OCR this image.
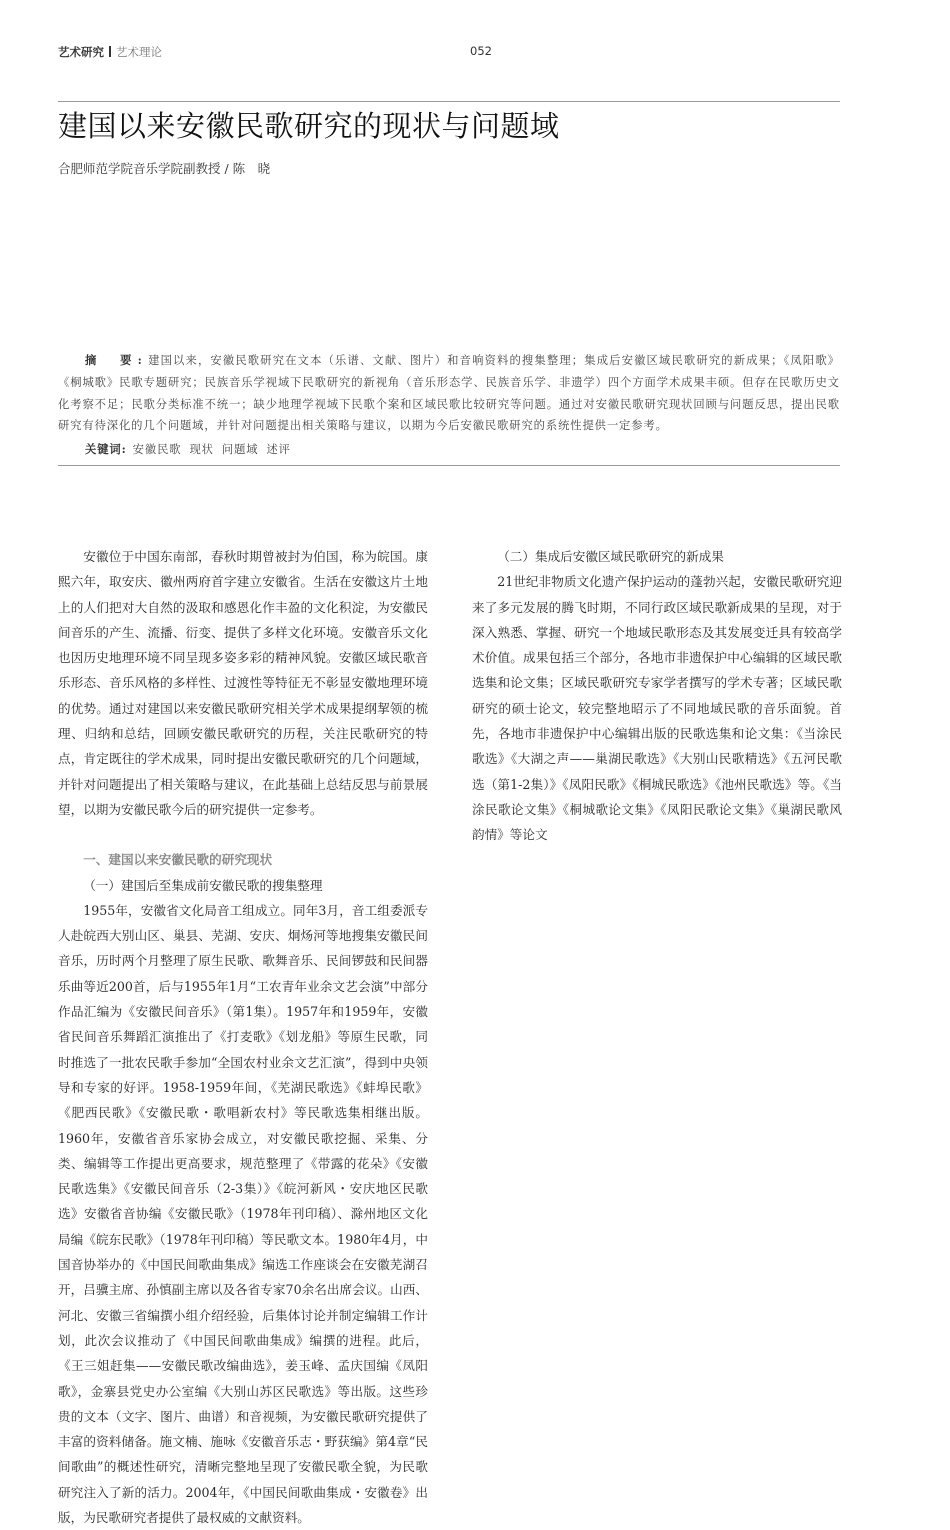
艺术研究 艺术理论	052
建国以来安徽民歌研究的现状与问题域
合肥师范学院音乐学院副教授 / 陈　晓

摘　要:建国以来，安徽民歌研究在文本（乐谱、文献、图片）和音响资料的搜集整理；集成后安徽区域民歌研究的新成果；《凤阳歌》《桐城歌》民歌专题研究；民族音乐学视域下民歌研究的新视角（音乐形态学、民族音乐学、非遗学）四个方面学术成果丰硕。但存在民歌历史文化考察不足；民歌分类标准不统一；缺少地理学视域下民歌个案和区域民歌比较研究等问题。通过对安徽民歌研究现状回顾与问题反思，提出民歌研究有待深化的几个问题域，并针对问题提出相关策略与建议，以期为今后安徽民歌研究的系统性提供一定参考。

关键词: 安徽民歌 现状 问题域 述评

安徽位于中国东南部，春秋时期曾被封为伯国，称为皖国。康熙六年，取安庆、徽州两府首字建立安徽省。生活在安徽这片土地上的人们把对大自然的汲取和感恩化作丰盈的文化积淀，为安徽民间音乐的产生、流播、衍变、提供了多样文化环境。安徽音乐文化也因历史地理环境不同呈现多姿多彩的精神风貌。安徽区域民歌音乐形态、音乐风格的多样性、过渡性等特征无不彰显安徽地理环境的优势。通过对建国以来安徽民歌研究相关学术成果提纲挈领的梳理、归纳和总结，回顾安徽民歌研究的历程，关注民歌研究的特点，肯定既往的学术成果，同时提出安徽民歌研究的几个问题域，并针对问题提出了相关策略与建议，在此基础上总结反思与前景展望，以期为安徽民歌今后的研究提供一定参考。

一、建国以来安徽民歌的研究现状

（一）建国后至集成前安徽民歌的搜集整理

1955年，安徽省文化局音工组成立。同年3月，音工组委派专人赴皖西大别山区、巢县、芜湖、安庆、炯炀河等地搜集安徽民间音乐，历时两个月整理了原生民歌、歌舞音乐、民间锣鼓和民间器乐曲等近200首，后与1955年1月“工农青年业余文艺会演”中部分作品汇编为《安徽民间音乐》（第1集）。1957年和1959年，安徽省民间音乐舞蹈汇演推出了《打麦歌》《划龙船》等原生民歌，同时推选了一批农民歌手参加“全国农村业余文艺汇演”，得到中央领导和专家的好评。1958-1959年间，《芜湖民歌选》《蚌埠民歌》《肥西民歌》《安徽民歌・歌唱新农村》等民歌选集相继出版。1960年，安徽省音乐家协会成立，对安徽民歌挖掘、采集、分类、编辑等工作提出更高要求，规范整理了《带露的花朵》《安徽民歌选集》《安徽民间音乐（2-3集）》《皖河新风・安庆地区民歌选》安徽省音协编《安徽民歌》（1978年刊印稿）、滁州地区文化局编《皖东民歌》（1978年刊印稿）等民歌文本。1980年4月，中国音协举办的《中国民间歌曲集成》编选工作座谈会在安徽芜湖召开，吕骥主席、孙慎副主席以及各省专家70余名出席会议。山西、河北、安徽三省编撰小组介绍经验，后集体讨论并制定编辑工作计划，此次会议推动了《中国民间歌曲集成》编撰的进程。此后，《王三姐赶集——安徽民歌改编曲选》，姜玉峰、孟庆国编《凤阳歌》，金寨县党史办公室编《大别山苏区民歌选》等出版。这些珍贵的文本（文字、图片、曲谱）和音视频，为安徽民歌研究提供了丰富的资料储备。施文楠、施咏《安徽音乐志・野获编》第4章“民间歌曲”的概述性研究，清晰完整地呈现了安徽民歌全貌，为民歌研究注入了新的活力。2004年，《中国民间歌曲集成・安徽卷》出版，为民歌研究者提供了最权威的文献资料。

（二）集成后安徽区域民歌研究的新成果

21世纪非物质文化遗产保护运动的蓬勃兴起，安徽民歌研究迎来了多元发展的腾飞时期，不同行政区域民歌新成果的呈现，对于深入熟悉、掌握、研究一个地域民歌形态及其发展变迁具有较高学术价值。成果包括三个部分，各地市非遗保护中心编辑的区域民歌选集和论文集；区域民歌研究专家学者撰写的学术专著；区域民歌研究的硕士论文，较完整地昭示了不同地域民歌的音乐面貌。首先，各地市非遗保护中心编辑出版的民歌选集和论文集：《当涂民歌选》《大湖之声——巢湖民歌选》《大别山民歌精选》《五河民歌选（第1-2集）》《凤阳民歌》《桐城民歌选》《池州民歌选》等。《当涂民歌论文集》《桐城歌论文集》《凤阳民歌论文集》《巢湖民歌风韵情》等论文
